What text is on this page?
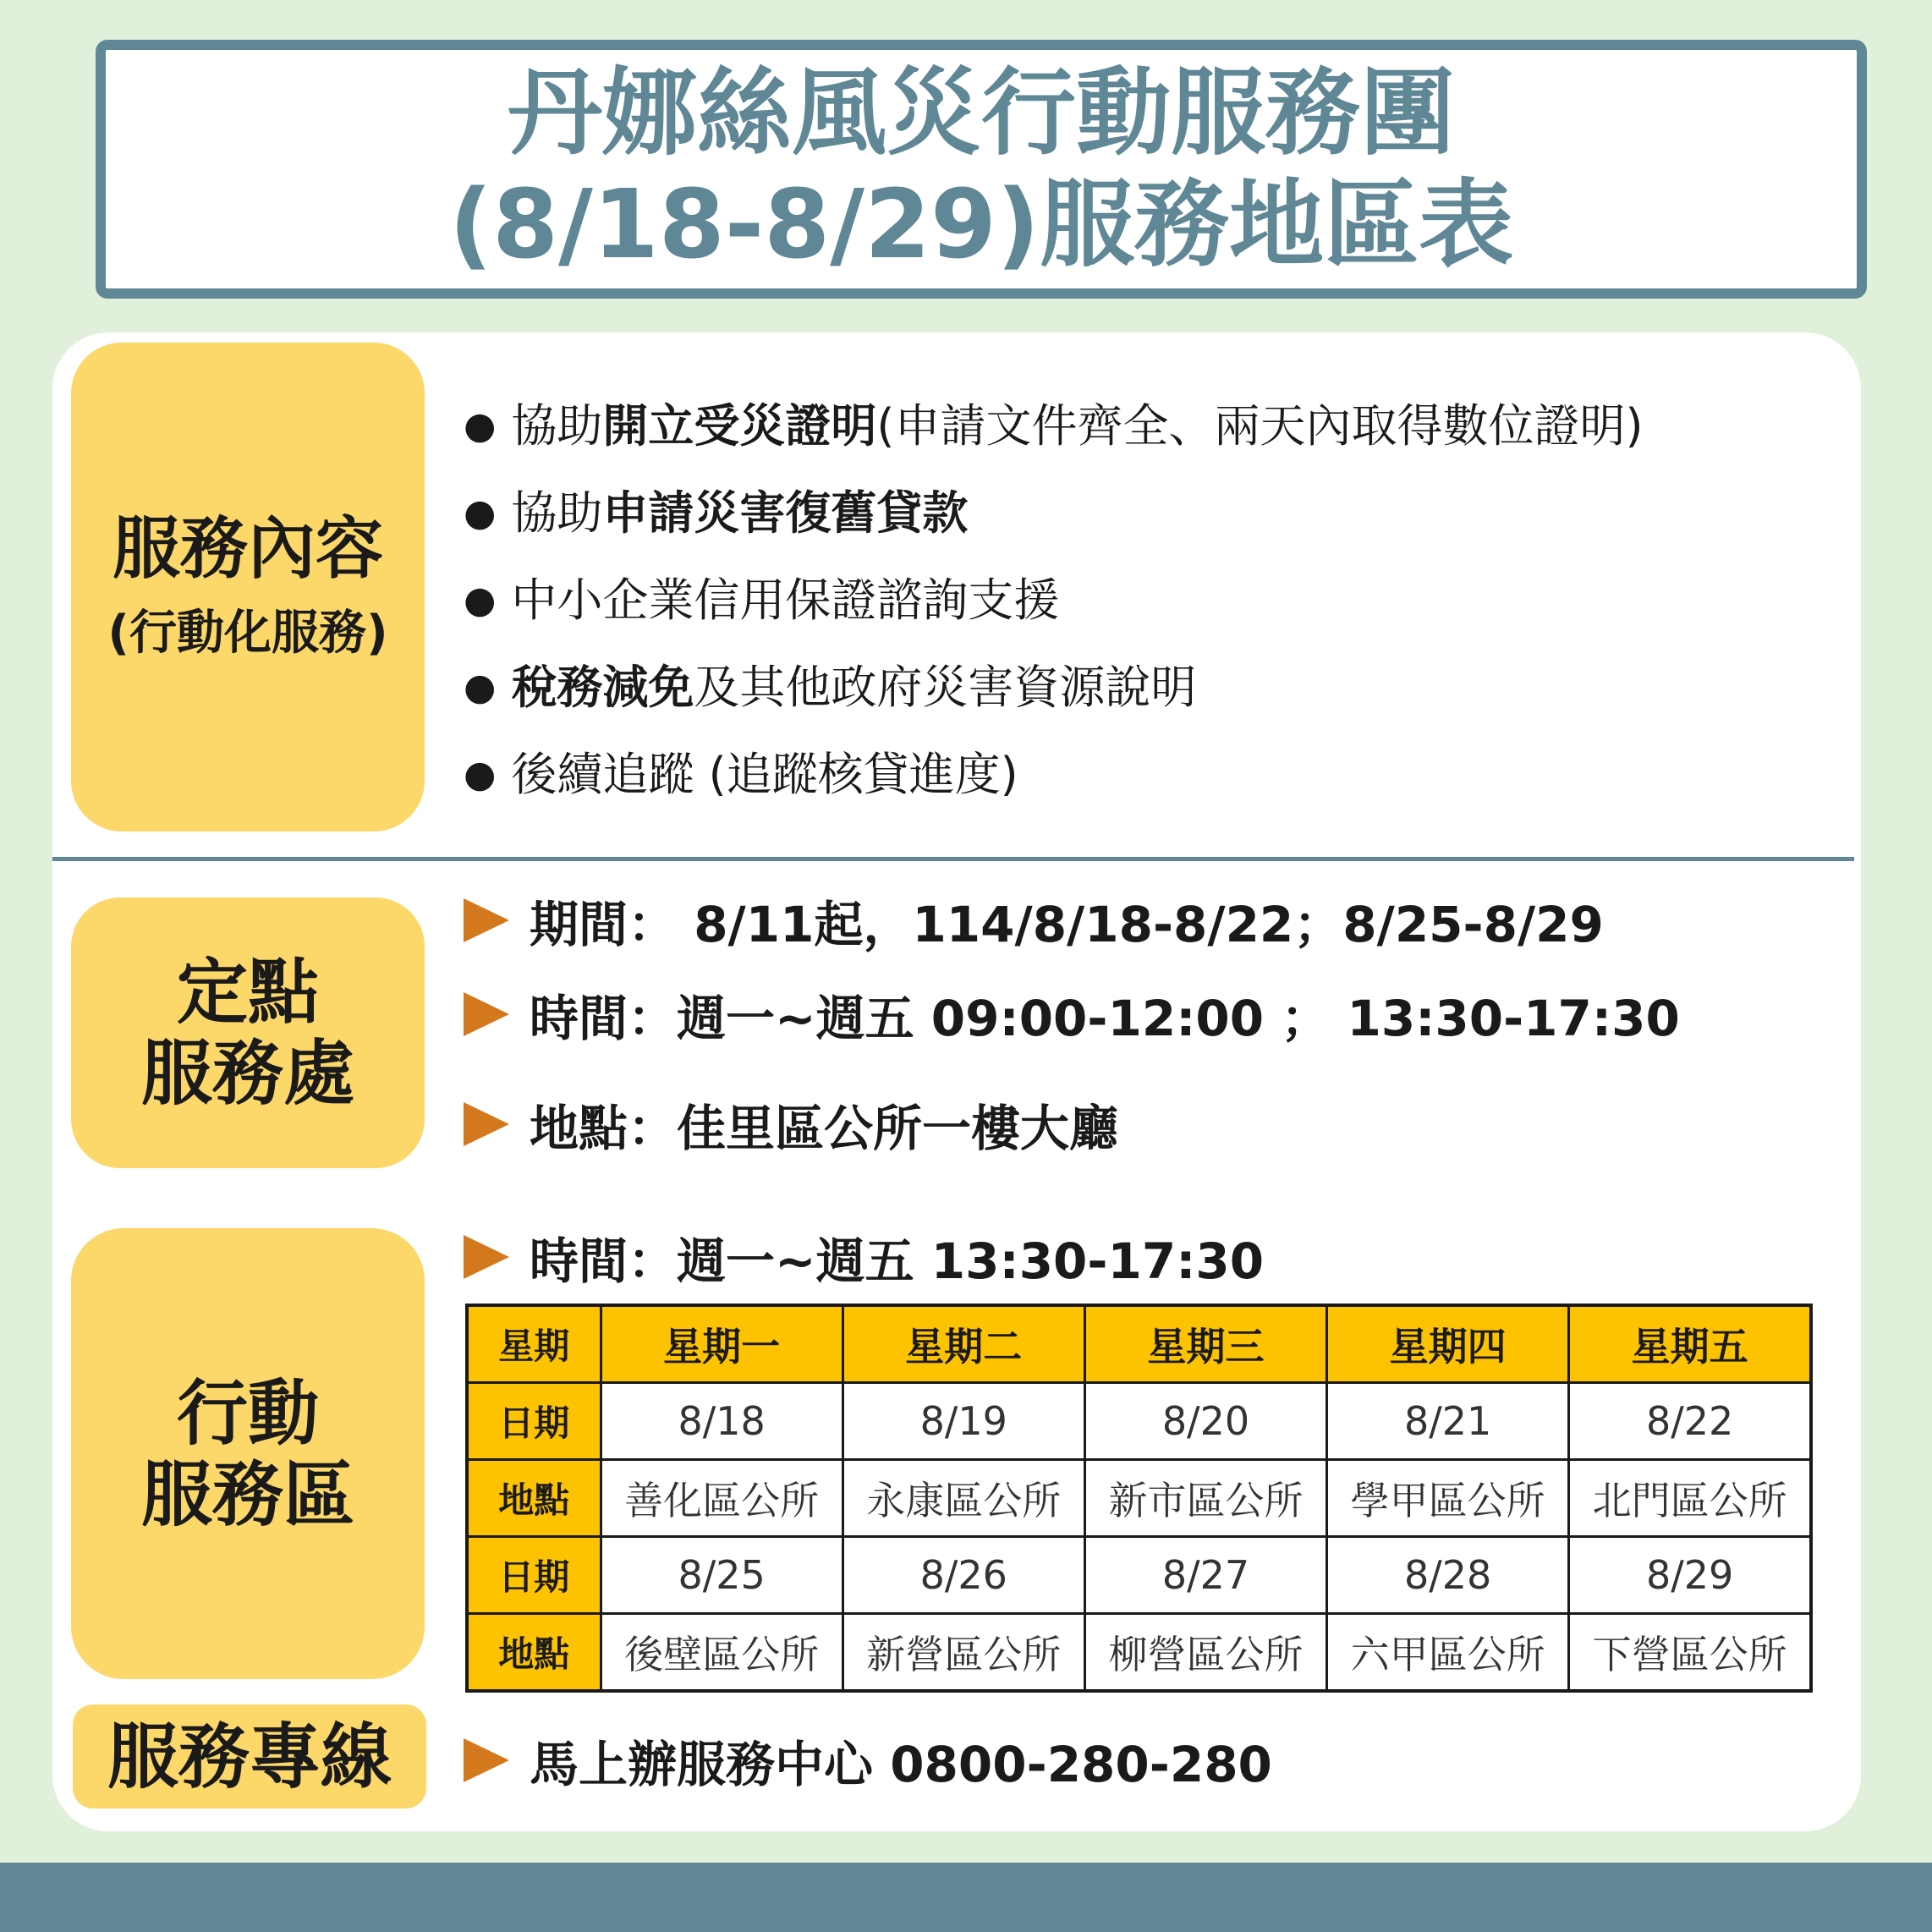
丹娜絲風災行動服務團
(8/18-8/29)服務地區表
服務內容
(行動化服務)
● 協助 開立受災證明 (申請文件齊全、兩天內取得數位證明)
● 協助 申請災害復舊貸款
● 中小企業信用保證諮詢支援
● 稅務減免 及其他政府災害資源說明
● 後續追蹤 (追蹤核貸進度)
定點
服務處
期間： 8/11起，114/8/18-8/22；8/25-8/29
時間：週一~週五 09:00-12:00 ； 13:30-17:30
地點：佳里區公所一樓大廳
行動
服務區
時間：週一~週五 13:30-17:30
星期	星期一	星期二	星期三	星期四	星期五
日期	8/18	8/19	8/20	8/21	8/22
地點	善化區公所	永康區公所	新市區公所	學甲區公所	北門區公所
日期	8/25	8/26	8/27	8/28	8/29
地點	後壁區公所	新營區公所	柳營區公所	六甲區公所	下營區公所
服務專線	馬上辦服務中心 0800-280-280
